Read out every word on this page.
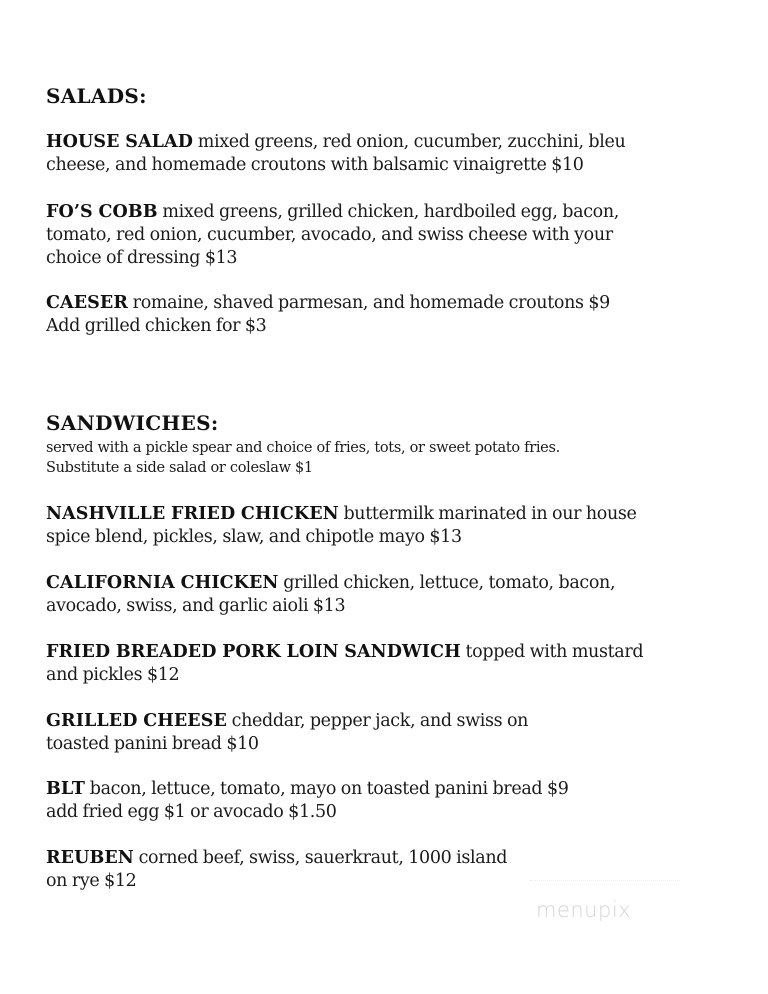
SALADS:
HOUSE SALAD mixed greens, red onion, cucumber, zucchini, bleu
cheese, and homemade croutons with balsamic vinaigrette $10
FO’S COBB mixed greens, grilled chicken, hardboiled egg, bacon,
tomato, red onion, cucumber, avocado, and swiss cheese with your
choice of dressing $13
CAESER romaine, shaved parmesan, and homemade croutons $9
Add grilled chicken for $3
SANDWICHES:
served with a pickle spear and choice of fries, tots, or sweet potato fries.
Substitute a side salad or coleslaw $1
NASHVILLE FRIED CHICKEN buttermilk marinated in our house
spice blend, pickles, slaw, and chipotle mayo $13
CALIFORNIA CHICKEN grilled chicken, lettuce, tomato, bacon,
avocado, swiss, and garlic aioli $13
FRIED BREADED PORK LOIN SANDWICH topped with mustard
and pickles $12
GRILLED CHEESE cheddar, pepper jack, and swiss on
toasted panini bread $10
BLT bacon, lettuce, tomato, mayo on toasted panini bread $9
add fried egg $1 or avocado $1.50
REUBEN corned beef, swiss, sauerkraut, 1000 island
on rye $12
menupix
